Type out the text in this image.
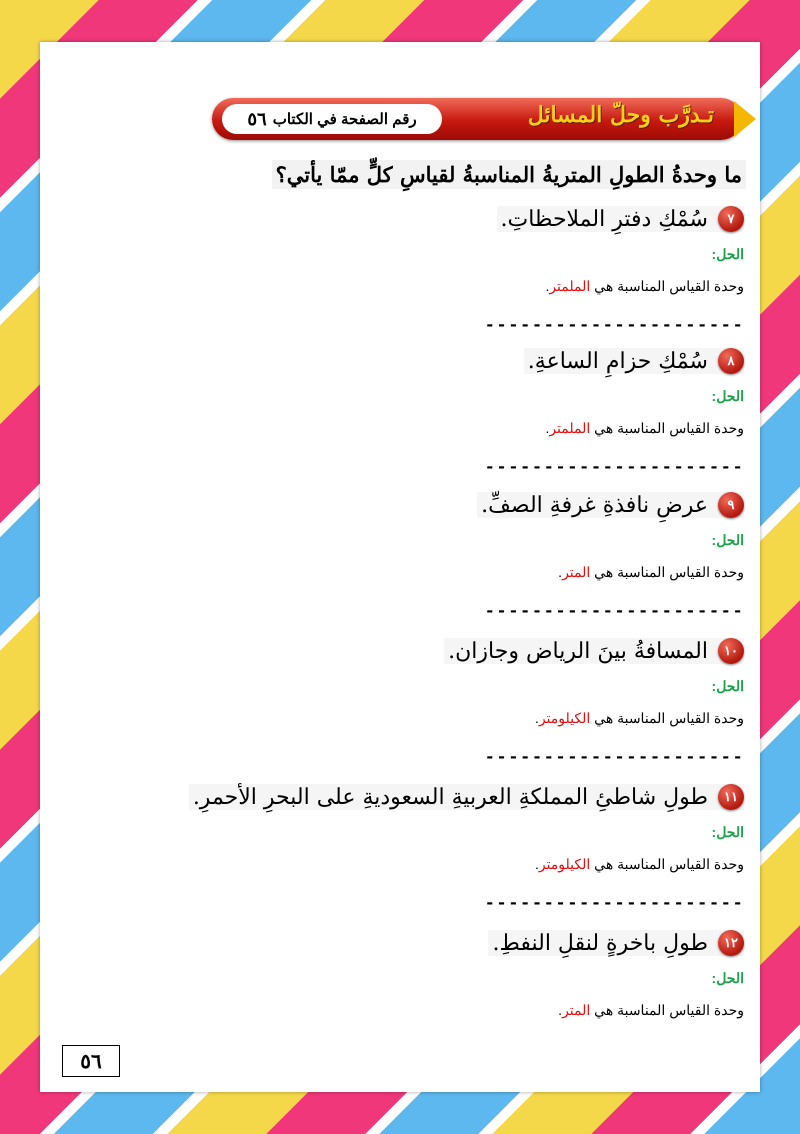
تـدرَّب وحلّ المسائل
رقم الصفحة في الكتاب
٥٦
ما وحدةُ الطولِ المتريةُ المناسبةُ لقياسِ كلٍّ ممّا يأتي؟
٧
سُمْكِ دفترِ الملاحظاتِ.
الحل:
وحدة القياس المناسبة هي الملمتر.
----------------------
٨
سُمْكِ حزامِ الساعةِ.
الحل:
وحدة القياس المناسبة هي الملمتر.
----------------------
٩
عرضِ نافذةِ غرفةِ الصفِّ.
الحل:
وحدة القياس المناسبة هي المتر.
----------------------
١٠
المسافةُ بينَ الرياض وجازان.
الحل:
وحدة القياس المناسبة هي الكيلومتر.
----------------------
١١
طولِ شاطئِ المملكةِ العربيةِ السعوديةِ على البحرِ الأحمرِ.
الحل:
وحدة القياس المناسبة هي الكيلومتر.
----------------------
١٢
طولِ باخرةٍ لنقلِ النفطِ.
الحل:
وحدة القياس المناسبة هي المتر.
٥٦
